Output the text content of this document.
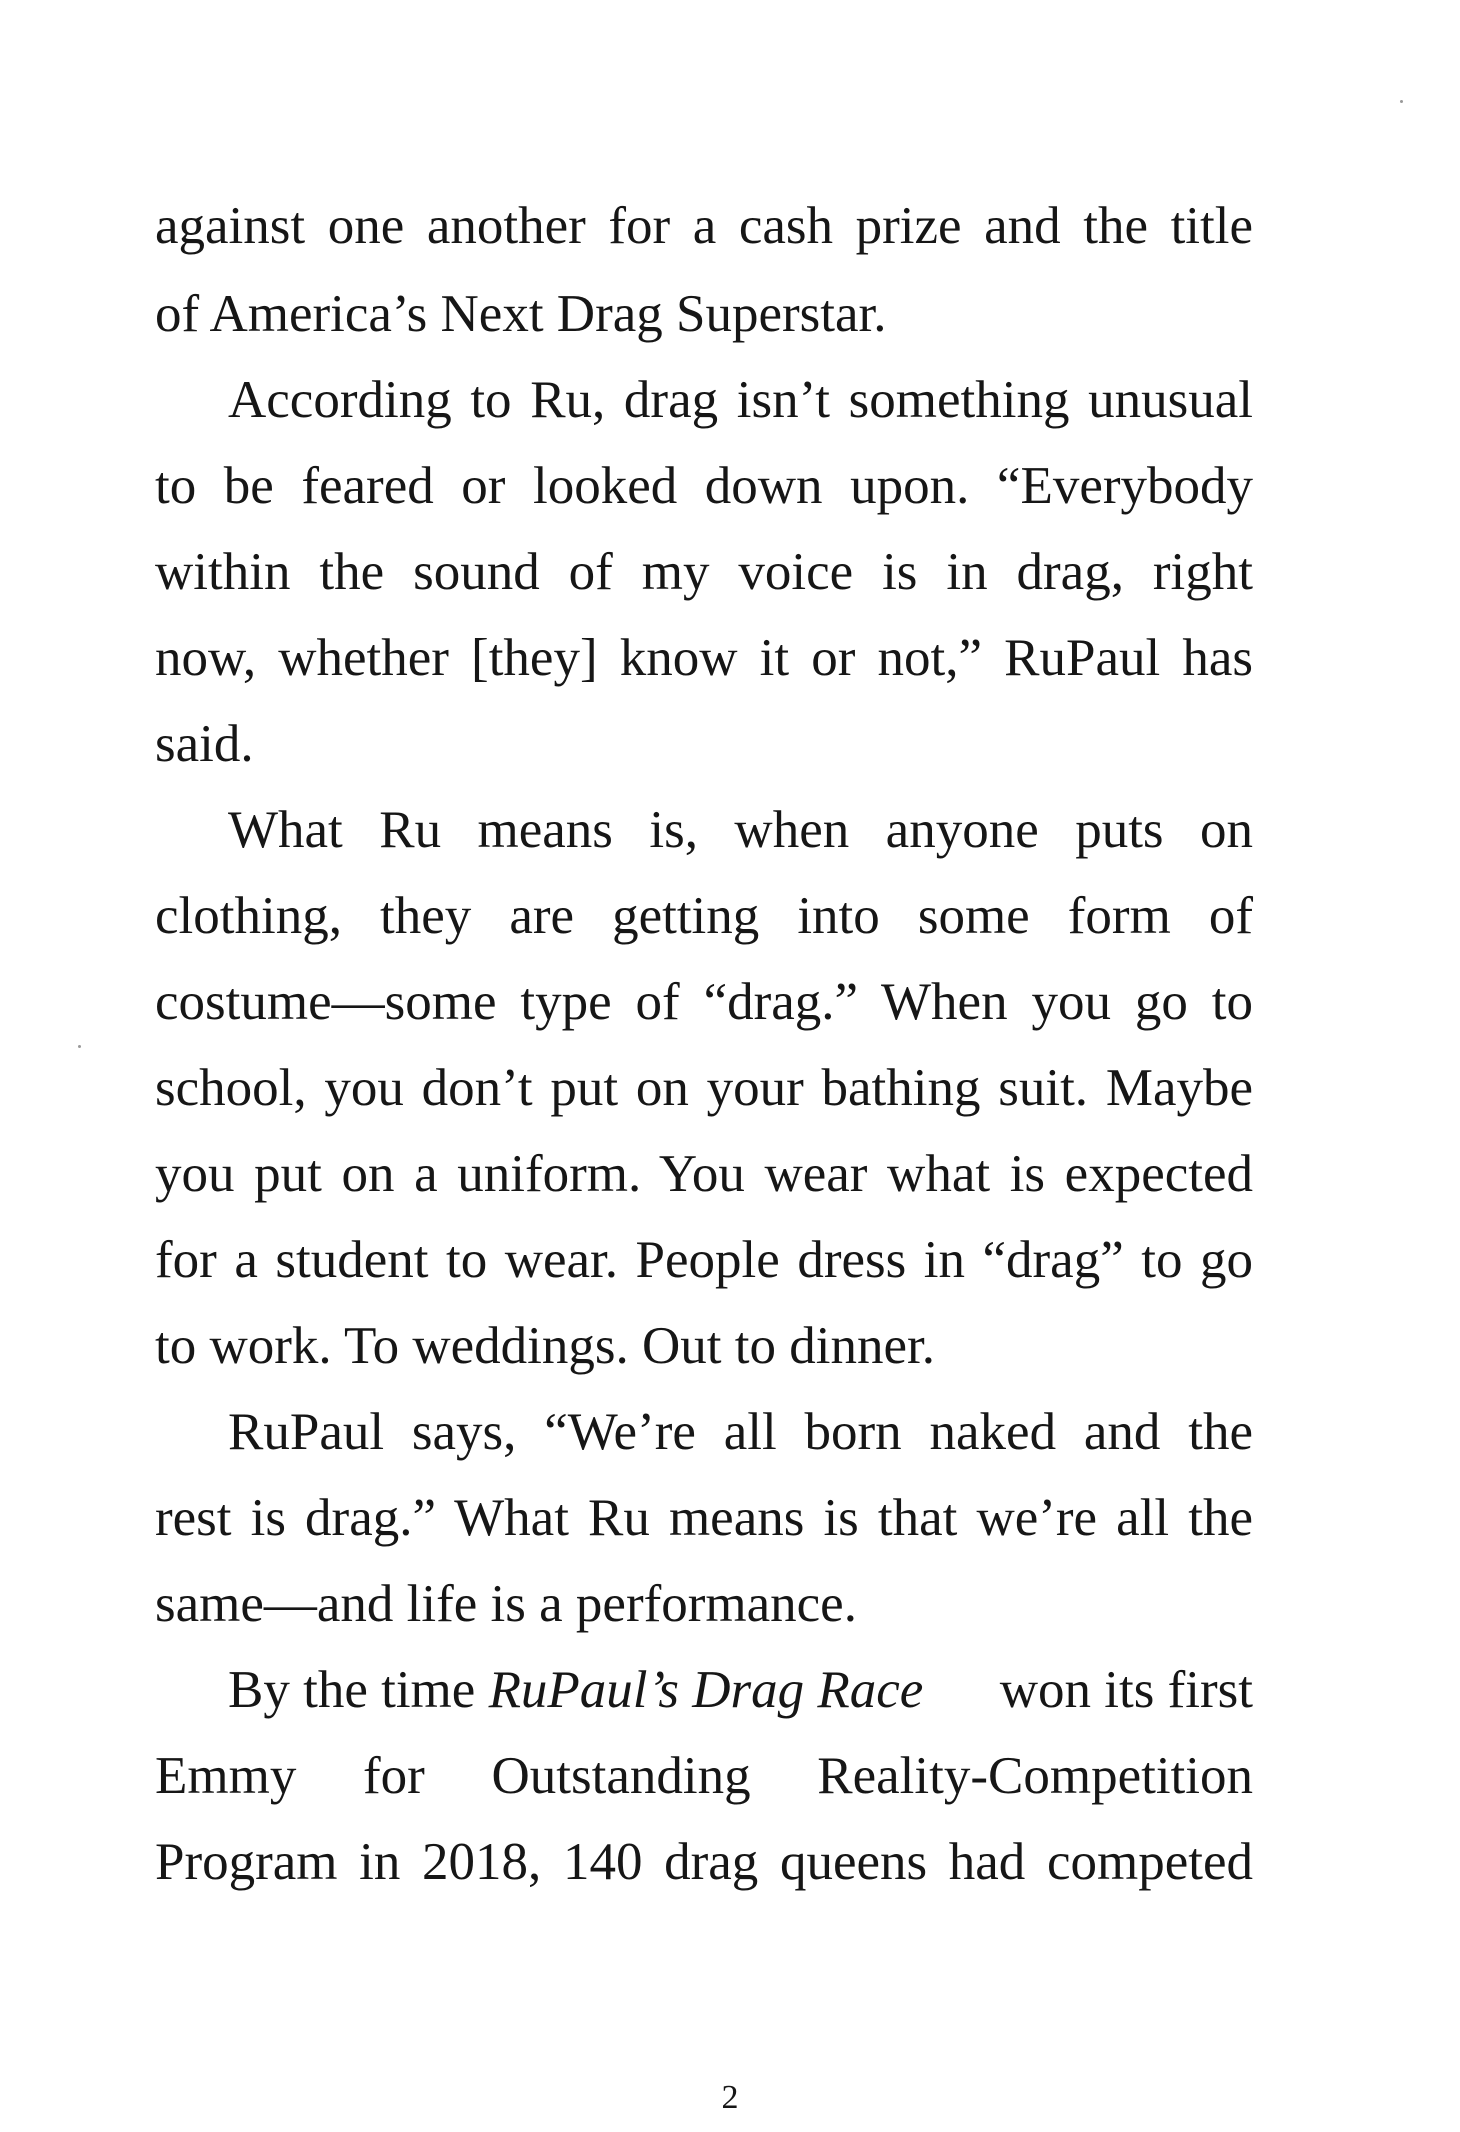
against one another for a cash prize and the title
of America’s Next Drag Superstar.
According to Ru, drag isn’t something unusual
to be feared or looked down upon. “Everybody
within the sound of my voice is in drag, right
now, whether [they] know it or not,” RuPaul has
said.
What Ru means is, when anyone puts on
clothing, they are getting into some form of
costume—some type of “drag.” When you go to
school, you don’t put on your bathing suit. Maybe
you put on a uniform. You wear what is expected
for a student to wear. People dress in “drag” to go
to work. To weddings. Out to dinner.
RuPaul says, “We’re all born naked and the
rest is drag.” What Ru means is that we’re all the
same—and life is a performance.
By the time RuPaul’s Drag Race won its first
Emmy for Outstanding Reality-Competition
Program in 2018, 140 drag queens had competed
2
